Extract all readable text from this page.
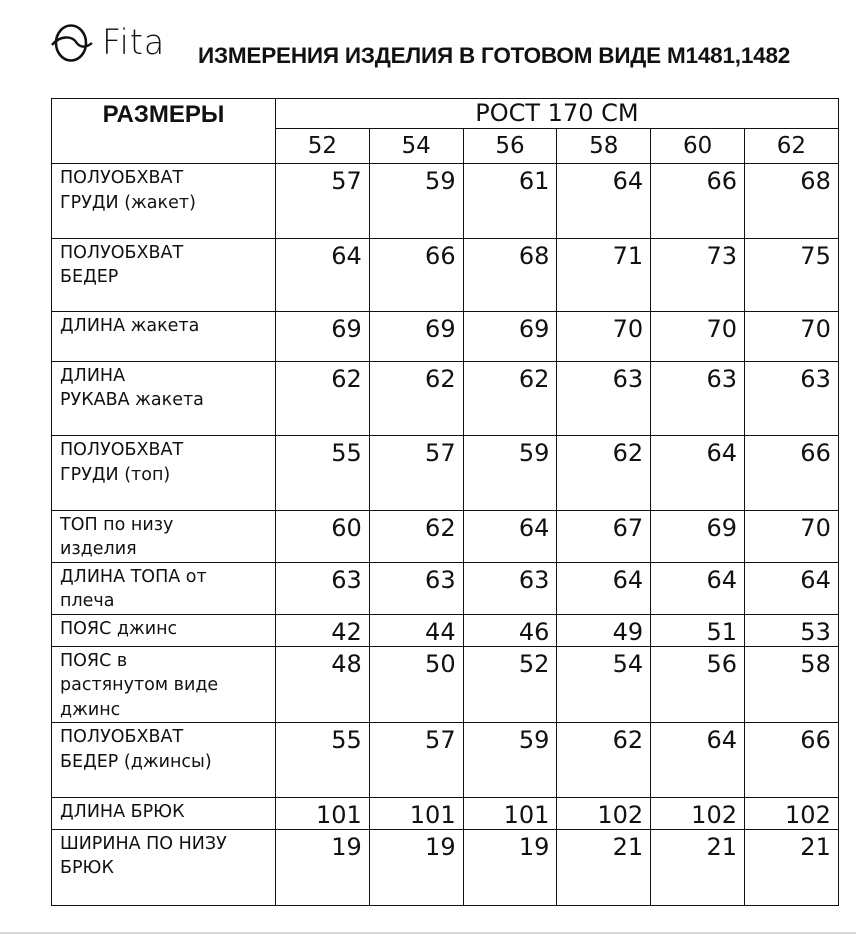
Fita ИЗМЕРЕНИЯ ИЗДЕЛИЯ В ГОТОВОМ ВИДЕ М1481,1482
РАЗМЕРЫ	РОСТ 170 СМ					
	52	54	56	58	60	62
ПОЛУОБХВАТ
ГРУДИ (жакет)	57	59	61	64	66	68
ПОЛУОБХВАТ
БЕДЕР	64	66	68	71	73	75
ДЛИНА жакета	69	69	69	70	70	70
ДЛИНА
РУКАВА жакета	62	62	62	63	63	63
ПОЛУОБХВАТ
ГРУДИ (топ)	55	57	59	62	64	66
ТОП по низу
изделия	60	62	64	67	69	70
ДЛИНА ТОПА от
плеча	63	63	63	64	64	64
ПОЯС джинс	42	44	46	49	51	53
ПОЯС в
растянутом виде
джинс	48	50	52	54	56	58
ПОЛУОБХВАТ
БЕДЕР (джинсы)	55	57	59	62	64	66
ДЛИНА БРЮК	101	101	101	102	102	102
ШИРИНА ПО НИЗУ
БРЮК	19	19	19	21	21	21
